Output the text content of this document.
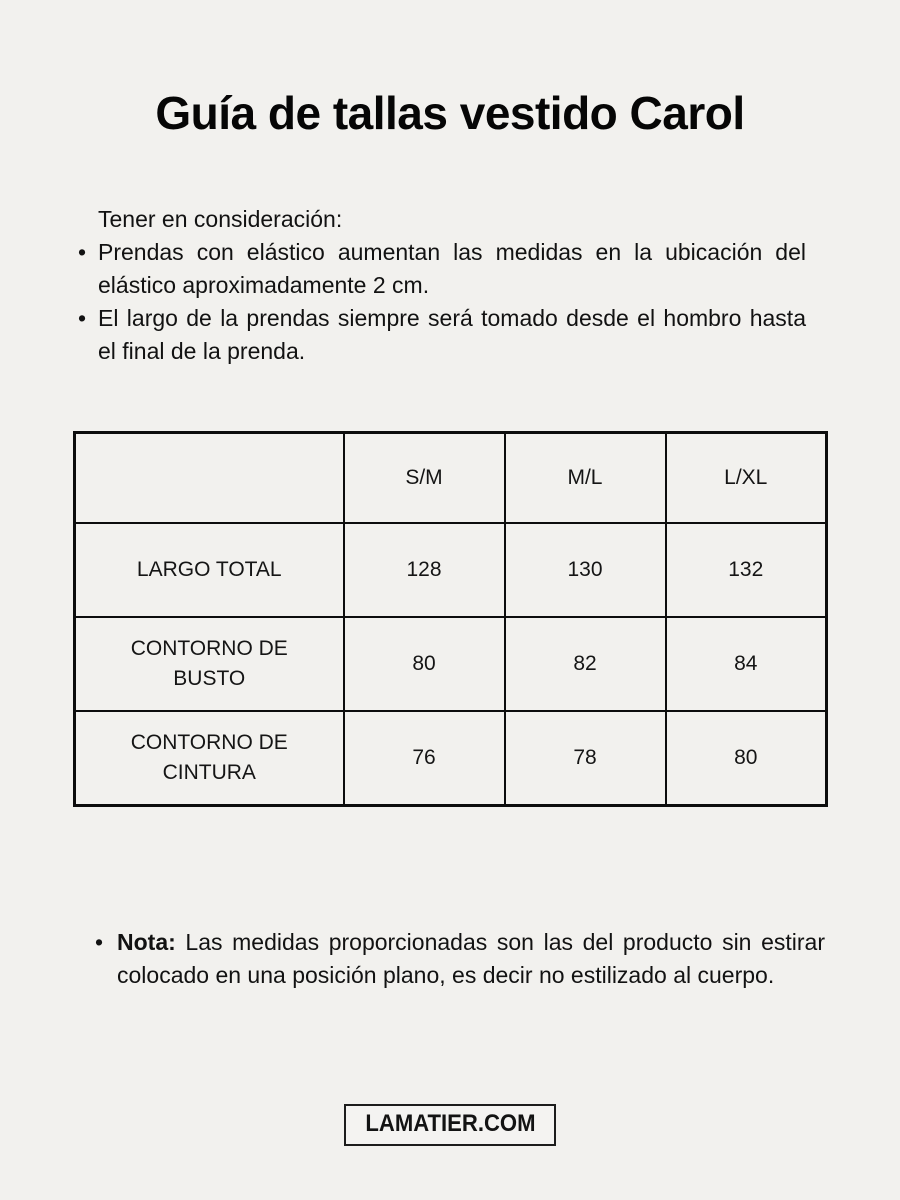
Guía de tallas vestido Carol

Tener en consideración:

• Prendas con elástico aumentan las medidas en la ubicación del elástico aproximadamente 2 cm.
• El largo de la prendas siempre será tomado desde el hombro hasta el final de la prenda.
	S/M	M/L	L/XL
LARGO TOTAL	128	130	132
CONTORNO DE BUSTO	80	82	84
CONTORNO DE CINTURA	76	78	80
• Nota: Las medidas proporcionadas son las del producto sin estirar colocado en una posición plano, es decir no estilizado al cuerpo.
LAMATIER.COM
